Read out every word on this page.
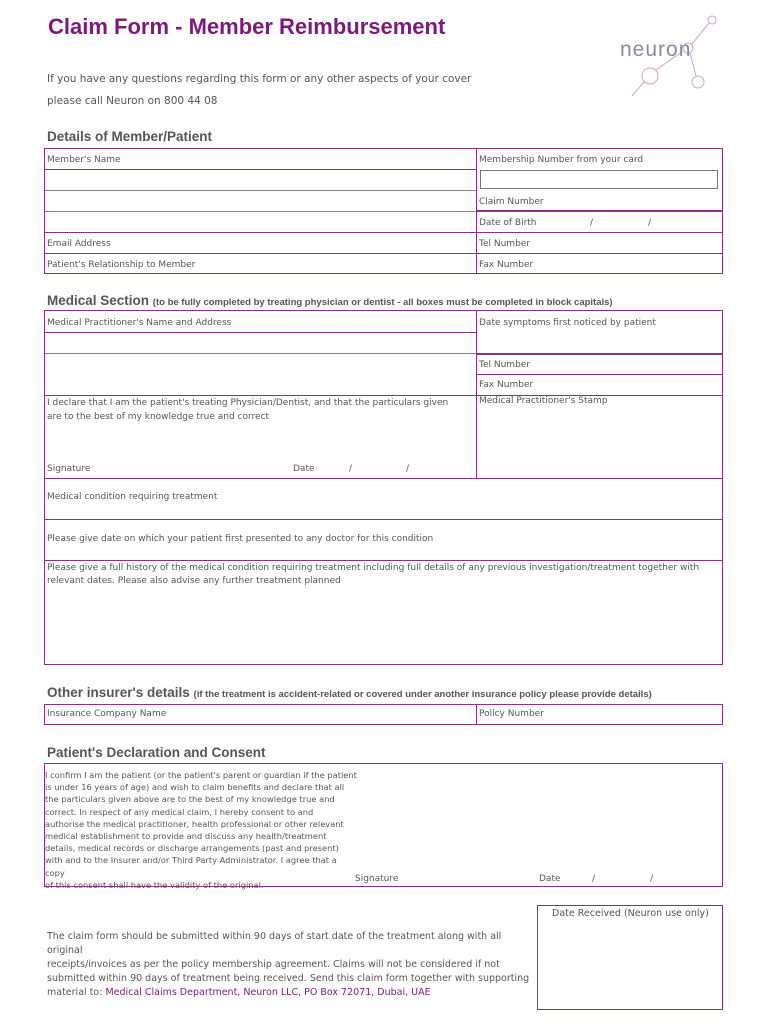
Claim Form - Member Reimbursement
If you have any questions regarding this form or any other aspects of your cover
please call Neuron on 800 44 08
neuron
Details of Member/Patient
Member's Name	Membership Number from your card
Claim Number
Date of Birth	/	/
Email Address	Tel Number
Patient's Relationship to Member	Fax Number
Medical Section (to be fully completed by treating physician or dentist - all boxes must be completed in block capitals)
Medical Practitioner's Name and Address	Date symptoms first noticed by patient
Tel Number
Fax Number
I declare that I am the patient's treating Physician/Dentist, and that the particulars given
are to the best of my knowledge true and correct
Medical Practitioner's Stamp
Signature	Date	/	/
Medical condition requiring treatment
Please give date on which your patient first presented to any doctor for this condition
Please give a full history of the medical condition requiring treatment including full details of any previous investigation/treatment together with
relevant dates. Please also advise any further treatment planned
Other insurer's details (if the treatment is accident-related or covered under another insurance policy please provide details)
Insurance Company Name	Policy Number
Patient's Declaration and Consent
I confirm I am the patient (or the patient's parent or guardian if the patient
is under 16 years of age) and wish to claim benefits and declare that all
the particulars given above are to the best of my knowledge true and
correct. In respect of any medical claim, I hereby consent to and
authorise the medical practitioner, health professional or other relevant
medical establishment to provide and discuss any health/treatment
details, medical records or discharge arrangements (past and present)
with and to the Insurer and/or Third Party Administrator. I agree that a copy
of this consent shall have the validity of the original.
Signature	Date	/	/
The claim form should be submitted within 90 days of start date of the treatment along with all original
receipts/invoices as per the policy membership agreement. Claims will not be considered if not
submitted within 90 days of treatment being received. Send this claim form together with supporting
material to: Medical Claims Department, Neuron LLC, PO Box 72071, Dubai, UAE
Date Received (Neuron use only)
